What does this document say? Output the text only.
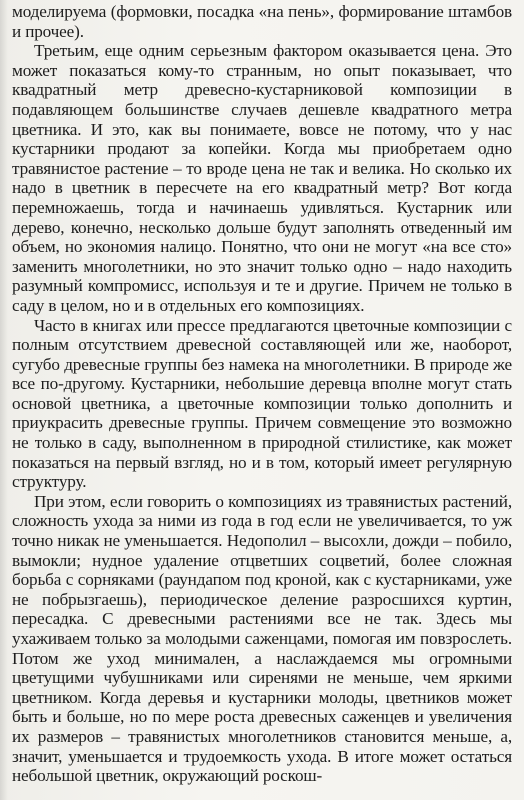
моделируема (формовки, посадка «на пень», формирование штамбов и прочее).

Третьим, еще одним серьезным фактором оказывается цена. Это может показаться кому-то странным, но опыт показывает, что квадратный метр древесно-кустарниковой композиции в подавляющем большинстве случаев дешевле квадратного метра цветника. И это, как вы понимаете, вовсе не потому, что у нас кустарники продают за копейки. Когда мы приобретаем одно травянистое растение – то вроде цена не так и велика. Но сколько их надо в цветник в пересчете на его квадратный метр? Вот когда перемножаешь, тогда и начинаешь удивляться. Кустарник или дерево, конечно, несколько дольше будут заполнять отведенный им объем, но экономия налицо. Понятно, что они не могут «на все сто» заменить многолетники, но это значит только одно – надо находить разумный компромисс, используя и те и другие. Причем не только в саду в целом, но и в отдельных его композициях.

Часто в книгах или прессе предлагаются цветочные композиции с полным отсутствием древесной составляющей или же, наоборот, сугубо древесные группы без намека на многолетники. В природе же все по-другому. Кустарники, небольшие деревца вполне могут стать основой цветника, а цветочные композиции только дополнить и приукрасить древесные группы. Причем совмещение это возможно не только в саду, выполненном в природной стилистике, как может показаться на первый взгляд, но и в том, который имеет регулярную структуру.

При этом, если говорить о композициях из травянистых растений, сложность ухода за ними из года в год если не увеличивается, то уж точно никак не уменьшается. Недополил – высохли, дожди – побило, вымокли; нудное удаление отцветших соцветий, более сложная борьба с сорняками (раундапом под кроной, как с кустарниками, уже не побрызгаешь), периодическое деление разросшихся куртин, пересадка. С древесными растениями все не так. Здесь мы ухаживаем только за молодыми саженцами, помогая им повзрослеть. Потом же уход минимален, а наслаждаемся мы огромными цветущими чубушниками или сиренями не меньше, чем яркими цветником. Когда деревья и кустарники молоды, цветников может быть и больше, но по мере роста древесных саженцев и увеличения их размеров – травянистых многолетников становится меньше, а, значит, уменьшается и трудоемкость ухода. В итоге может остаться небольшой цветник, окружающий роскош-
